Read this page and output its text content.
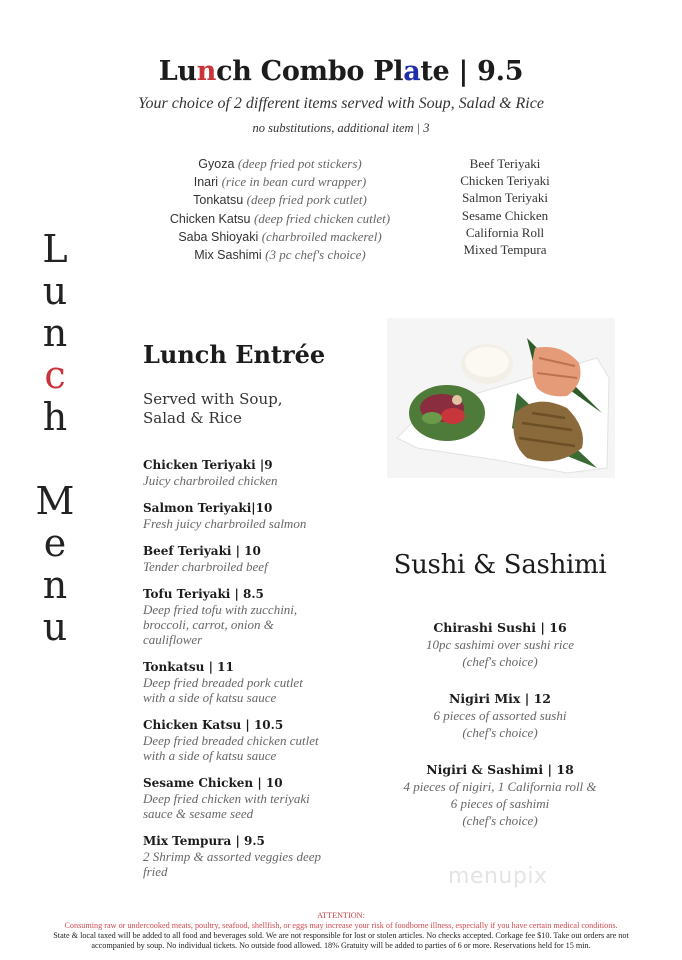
Lunch Combo Plate | 9.5
Your choice of 2 different items served with Soup, Salad & Rice
no substitutions, additional item | 3
Gyoza (deep fried pot stickers)
Inari (rice in bean curd wrapper)
Tonkatsu (deep fried pork cutlet)
Chicken Katsu (deep fried chicken cutlet)
Saba Shioyaki (charbroiled mackerel)
Mix Sashimi (3 pc chef's choice)
Beef Teriyaki
Chicken Teriyaki
Salmon Teriyaki
Sesame Chicken
California Roll
Mixed Tempura
L
u
n
c
h
M
e
n
u
Lunch Entrée
Served with Soup,
Salad & Rice
Chicken Teriyaki |9
Juicy charbroiled chicken
Salmon Teriyaki|10
Fresh juicy charbroiled salmon
Beef Teriyaki | 10
Tender charbroiled beef
Tofu Teriyaki | 8.5
Deep fried tofu with zucchini,
broccoli, carrot, onion &
cauliflower
Tonkatsu | 11
Deep fried breaded pork cutlet
with a side of katsu sauce
Chicken Katsu | 10.5
Deep fried breaded chicken cutlet
with a side of katsu sauce
Sesame Chicken | 10
Deep fried chicken with teriyaki
sauce & sesame seed
Mix Tempura | 9.5
2 Shrimp & assorted veggies deep
fried
Sushi & Sashimi
Chirashi Sushi | 16
10pc sashimi over sushi rice
(chef's choice)
Nigiri Mix | 12
6 pieces of assorted sushi
(chef's choice)
Nigiri & Sashimi | 18
4 pieces of nigiri, 1 California roll &
6 pieces of sashimi
(chef's choice)
menupix
ATTENTION:
Consuming raw or undercooked meats, poultry, seafood, shellfish, or eggs may increase your risk of foodborne illness, especially if you have certain medical conditions.
State & local taxed will be added to all food and beverages sold. We are not responsible for lost or stolen articles. No checks accepted. Corkage fee $10. Take out orders are not accompanied by soup. No individual tickets. No outside food allowed. 18% Gratuity will be added to parties of 6 or more. Reservations held for 15 min.
